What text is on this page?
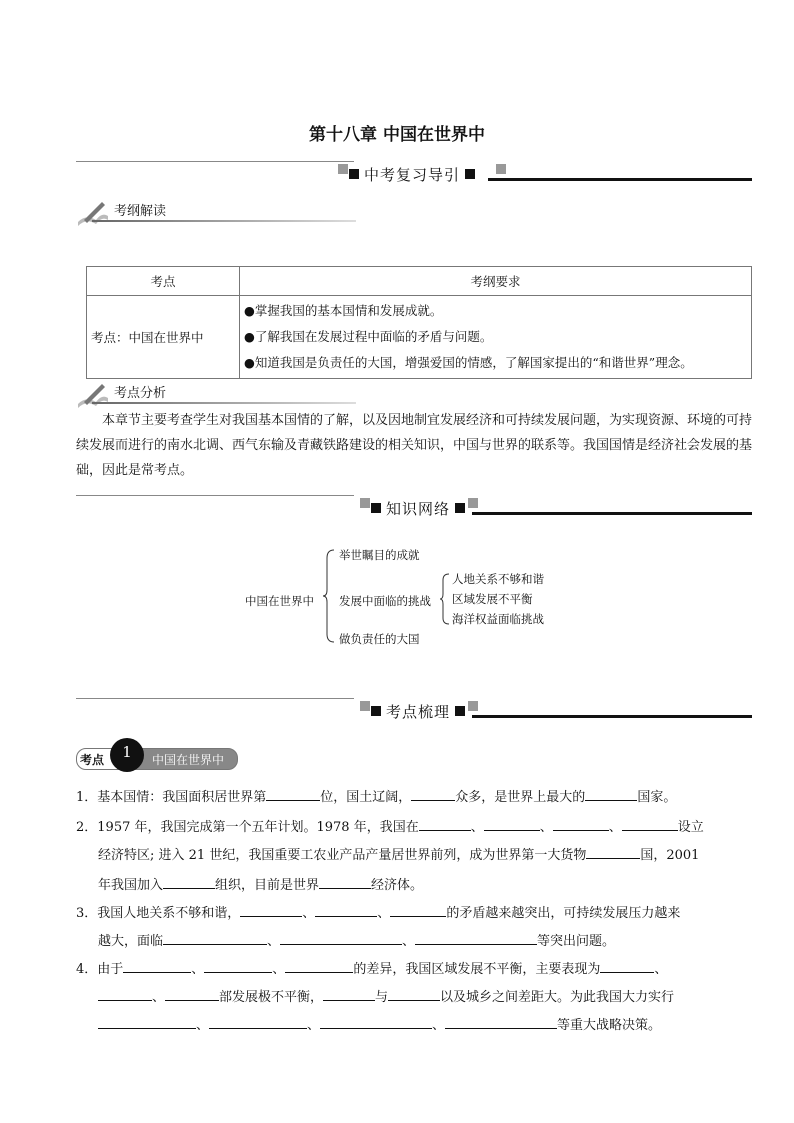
第十八章 中国在世界中
中考复习导引
考纲解读
考点	考纲要求
考点：中国在世界中	●掌握我国的基本国情和发展成就。
●了解我国在发展过程中面临的矛盾与问题。
●知道我国是负责任的大国，增强爱国的情感，了解国家提出的“和谐世界”理念。
考点分析
本章节主要考查学生对我国基本国情的了解，以及因地制宜发展经济和可持续发展问题，为实现资源、环境的可持续发展而进行的南水北调、西气东输及青藏铁路建设的相关知识，中国与世界的联系等。我国国情是经济社会发展的基础，因此是常考点。
知识网络
中国在世界中
举世瞩目的成就
发展中面临的挑战
做负责任的大国
人地关系不够和谐
区域发展不平衡
海洋权益面临挑战
考点梳理
考点	1	中国在世界中
1．基本国情：我国面积居世界第	位，国土辽阔，	众多，是世界上最大的	国家。
2．1957 年，我国完成第一个五年计划。1978 年，我国在	、	、	、	设立
经济特区; 进入 21 世纪，我国重要工农业产品产量居世界前列，成为世界第一大货物	国，2001
年我国加入	组织，目前是世界	经济体。
3．我国人地关系不够和谐，	、	、	的矛盾越来越突出，可持续发展压力越来
越大，面临	、	、	等突出问题。
4．由于	、	、	的差异，我国区域发展不平衡，主要表现为	、
、	部发展极不平衡，	与	以及城乡之间差距大。为此我国大力实行
、	、	、	等重大战略决策。
